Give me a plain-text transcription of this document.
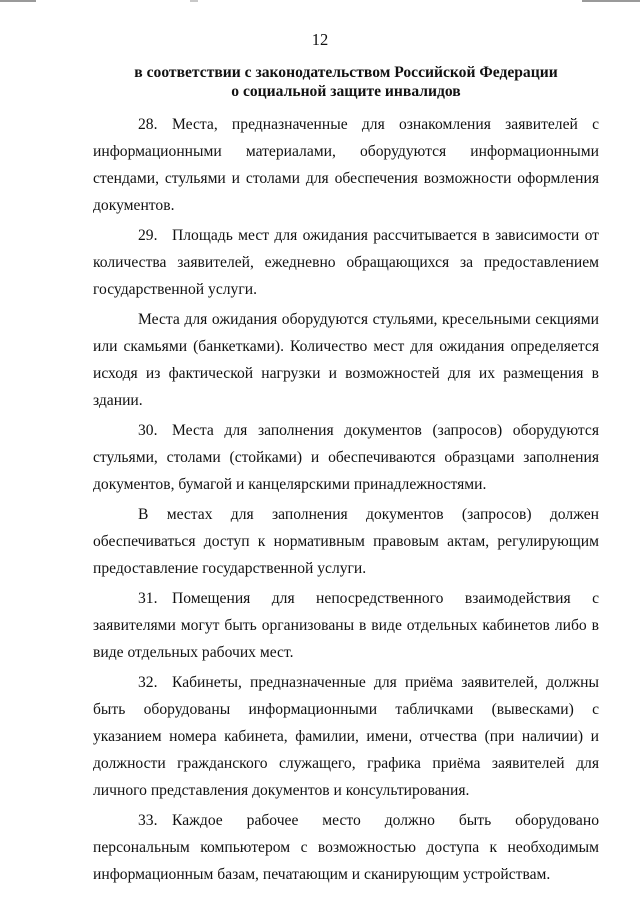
12
в соответствии с законодательством Российской Федерации
о социальной защите инвалидов

28. Места, предназначенные для ознакомления заявителей с информационными материалами, оборудуются информационными стендами, стульями и столами для обеспечения возможности оформления документов.

29. Площадь мест для ожидания рассчитывается в зависимости от количества заявителей, ежедневно обращающихся за предоставлением государственной услуги.

Места для ожидания оборудуются стульями, кресельными секциями или скамьями (банкетками). Количество мест для ожидания определяется исходя из фактической нагрузки и возможностей для их размещения в здании.

30. Места для заполнения документов (запросов) оборудуются стульями, столами (стойками) и обеспечиваются образцами заполнения документов, бумагой и канцелярскими принадлежностями.

В местах для заполнения документов (запросов) должен обеспечиваться доступ к нормативным правовым актам, регулирующим предоставление государственной услуги.

31. Помещения для непосредственного взаимодействия с заявителями могут быть организованы в виде отдельных кабинетов либо в виде отдельных рабочих мест.

32. Кабинеты, предназначенные для приёма заявителей, должны быть оборудованы информационными табличками (вывесками) с указанием номера кабинета, фамилии, имени, отчества (при наличии) и должности гражданского служащего, графика приёма заявителей для личного представления документов и консультирования.

33. Каждое рабочее место должно быть оборудовано персональным компьютером с возможностью доступа к необходимым информационным базам, печатающим и сканирующим устройствам.
